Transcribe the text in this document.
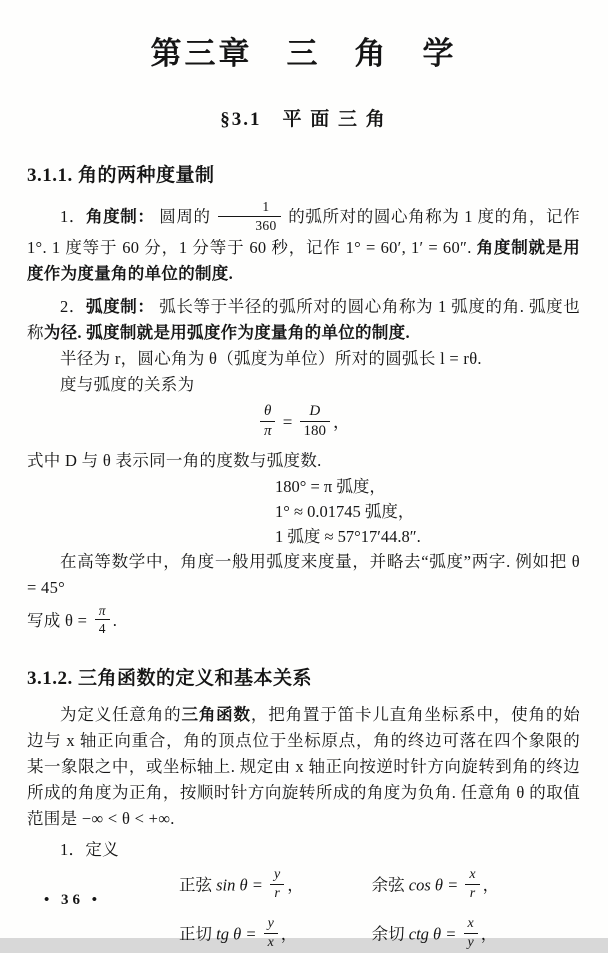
第三章　三　角　学
§3.1　平 面 三 角
3.1.1. 角的两种度量制

1．角度制： 圆周的 $\frac{1}{360}$ 的弧所对的圆心角称为 1 度的角，记作 1°. 1 度等于 60 分，1 分等于 60 秒，记作 1° = 60′, 1′ = 60″. 角度制就是用度作为度量角的单位的制度.

2．弧度制： 弧长等于半径的弧所对的圆心角称为 1 弧度的角. 弧度也称为径. 弧度制就是用弧度作为度量角的单位的制度.

半径为 r，圆心角为 θ（弧度为单位）所对的圆弧长 l = rθ.

度与弧度的关系为

$\frac{\theta}{\pi} = \frac{D}{180}$ ，

式中 D 与 θ 表示同一角的度数与弧度数.

180° = π 弧度，
1° ≈ 0.01745 弧度，
1 弧度 ≈ 57°17′44.8″.

在高等数学中，角度一般用弧度来度量，并略去“弧度”两字. 例如把 θ = 45°

写成 $\theta = \frac{\pi}{4}$ .

3.1.2. 三角函数的定义和基本关系

为定义任意角的三角函数，把角置于笛卡儿直角坐标系中，使角的始边与 x 轴正向重合，角的顶点位于坐标原点，角的终边可落在四个象限的某一象限之中，或坐标轴上. 规定由 x 轴正向按逆时针方向旋转到角的终边所成的角度为正角，按顺时针方向旋转所成的角度为负角. 任意角 θ 的取值范围是 −∞ < θ < +∞.

1．定义

正弦 $\sin \theta = \frac{y}{r}$ ，	余弦 $\cos \theta = \frac{x}{r}$ ，
正切 tg $\theta = \frac{y}{x}$ ，	余切 ctg $\theta = \frac{x}{y}$ ，
• 36 •
